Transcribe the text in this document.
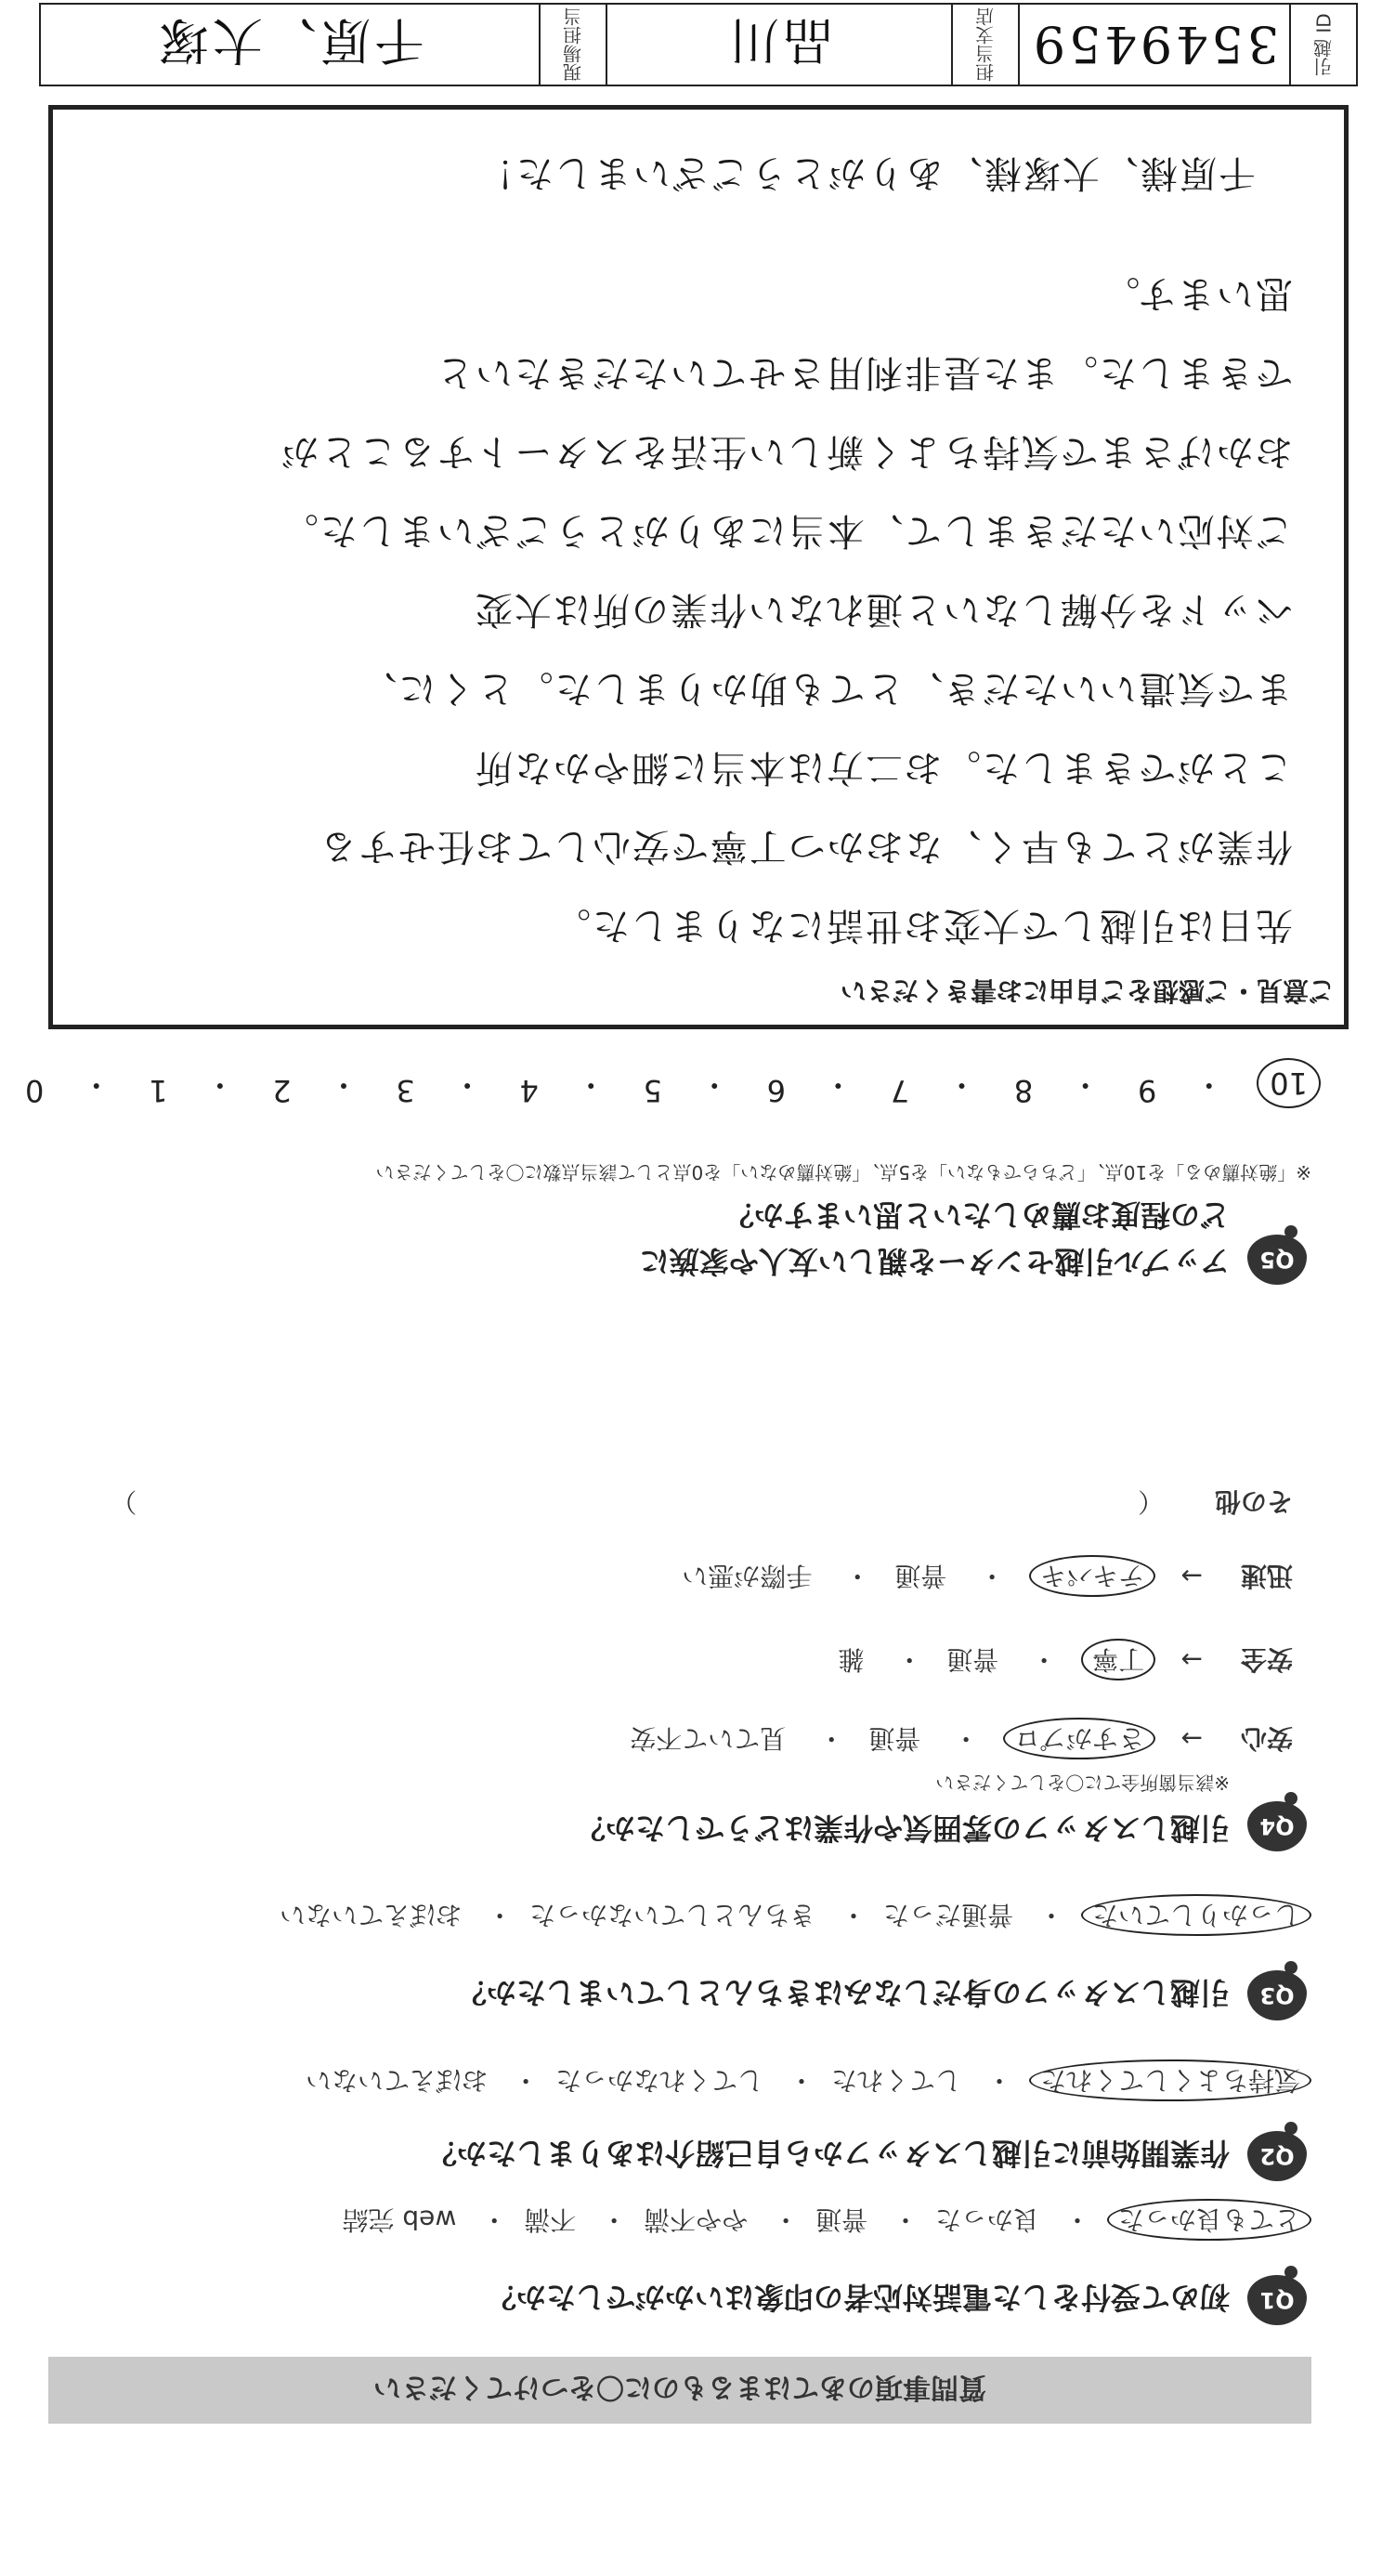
質問事項のあてはまるものに〇をつけてください
Q1
初めて受付をした電話対応者の印象はいかがでしたか？
とても良かった・ 良かった・ 普通・ やや不満・ 不満・ web 完結
Q2
作業開始前に引越しスタッフから自己紹介はありましたか？
気持ちよくしてくれた・ してくれた・ してくれなかった・ おぼえていない
Q3
引越しスタッフの身だしなみはきちんとしていましたか？
しっかりしていた・ 普通だった・ きちんとしていなかった・ おぼえていない
Q4
引越しスタッフの雰囲気や作業はどうでしたか？
※該当箇所全てに〇をしてください
安心 → さすがプロ・ 普通・ 見ていて不安
安全 → 丁寧・ 普通・ 雑
迅速 → テキパキ・ 普通・ 手際が悪い
その他 （  ）
Q5
アップル引越センターを親しい友人や家族に
どの程度お薦めしたいと思いますか？
※「絶対薦める」を10点、「どちらでもない」を5点、「絶対薦めない」を0点として該当点数に〇をしてください
10
・
9
・
8
・
7
・
6
・
5
・
4
・
3
・
2
・
1
・
0
ご意見・ご感想をご自由にお書きください
先日は引越しで大変お世話になりました。
作業がとても早く、なおかつ丁寧で安心してお任せする
ことができました。お二方は本当に細やかな所
まで気遣いいただき、とても助かりました。とくに、
ベッドを分解しないと通れない作業の所は大変
ご対応いただきまして、本当にありがとうございました。
おかげさまで気持ちよく新しい生活をスタートすることが
できました。また是非利用させていただきたいと
思います。
千原様、大塚様、ありがとうございました！
引越 ID
3549459
担当支店
品川
現場担当
千原、大塚
